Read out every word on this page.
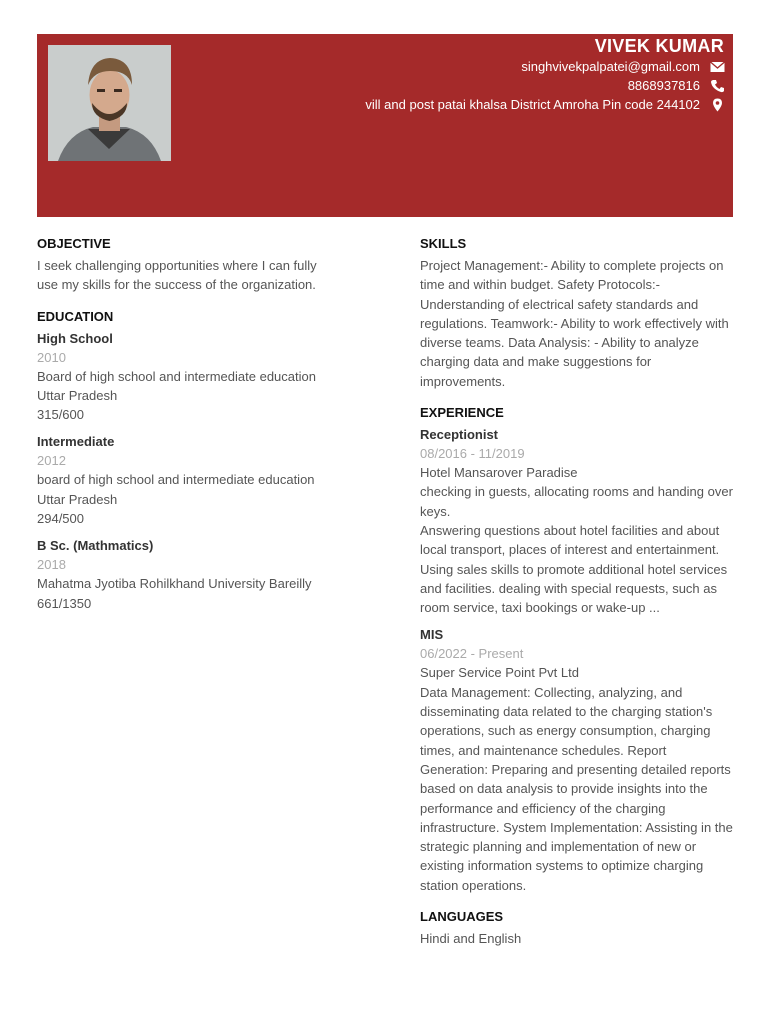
VIVEK KUMAR
singhvivekpalpatei@gmail.com
8868937816
vill and post patai khalsa District Amroha Pin code 244102
OBJECTIVE

I seek challenging opportunities where I can fully use my skills for the success of the organization.

EDUCATION
High School
2010
Board of high school and intermediate education
Uttar Pradesh
315/600
Intermediate
2012
board of high school and intermediate education
Uttar Pradesh
294/500
B Sc. (Mathmatics)
2018
Mahatma Jyotiba Rohilkhand University Bareilly
661/1350
SKILLS

Project Management:- Ability to complete projects on time and within budget. Safety Protocols:- Understanding of electrical safety standards and regulations. Teamwork:- Ability to work effectively with diverse teams. Data Analysis: - Ability to analyze charging data and make suggestions for improvements.

EXPERIENCE
Receptionist
08/2016 - 11/2019
Hotel Mansarover Paradise
checking in guests, allocating rooms and handing over keys.
Answering questions about hotel facilities and about local transport, places of interest and entertainment.
Using sales skills to promote additional hotel services and facilities. dealing with special requests, such as room service, taxi bookings or wake-up ...
MIS
06/2022 - Present
Super Service Point Pvt Ltd
Data Management: Collecting, analyzing, and disseminating data related to the charging station's operations, such as energy consumption, charging times, and maintenance schedules. Report Generation: Preparing and presenting detailed reports based on data analysis to provide insights into the performance and efficiency of the charging infrastructure. System Implementation: Assisting in the strategic planning and implementation of new or existing information systems to optimize charging station operations.
LANGUAGES

Hindi and English
